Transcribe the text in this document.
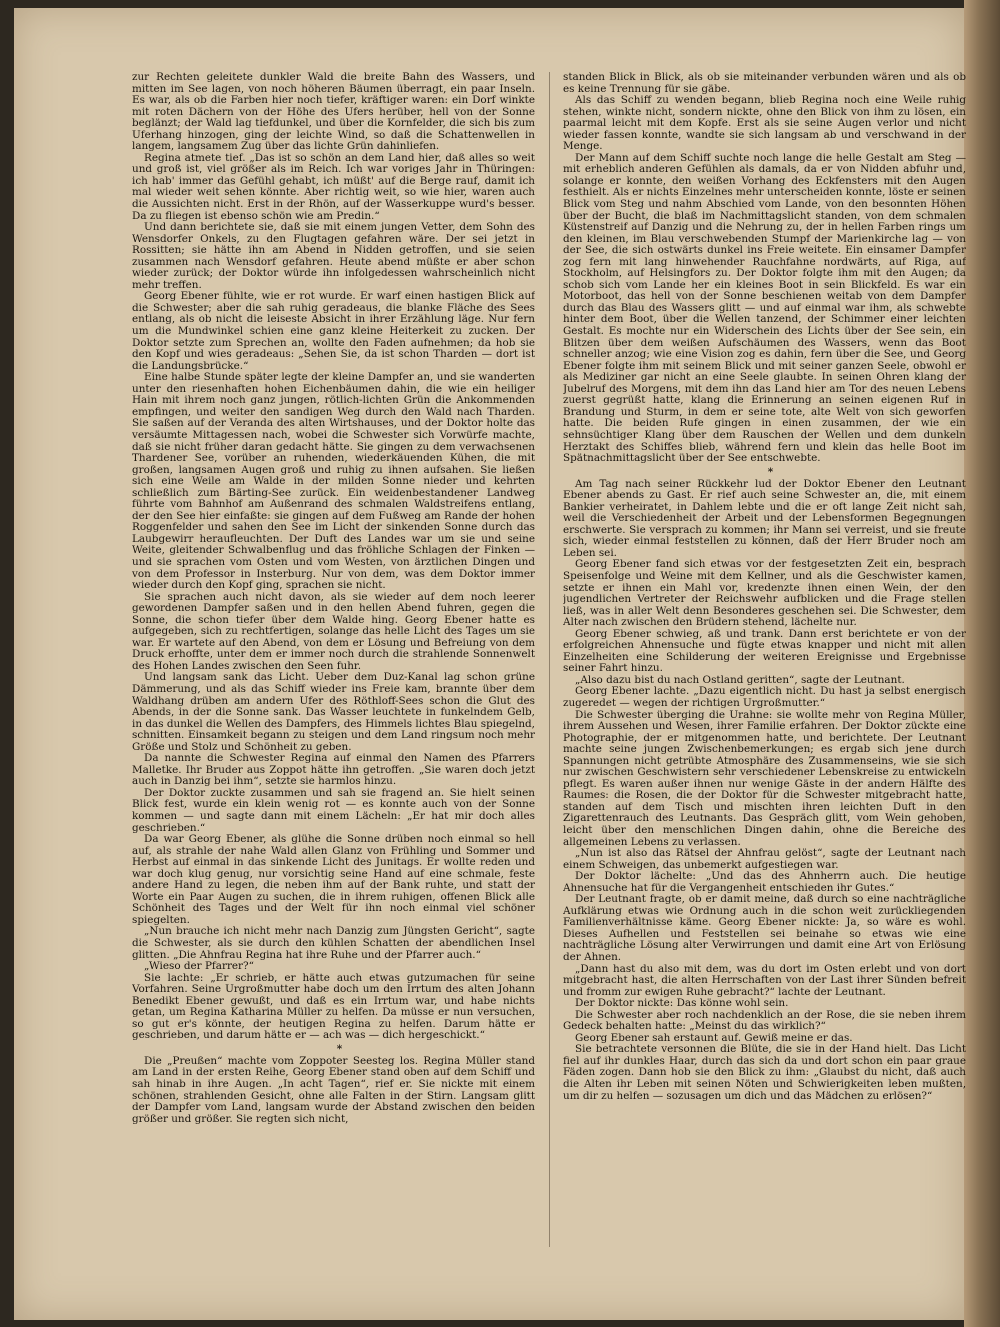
zur Rechten geleitete dunkler Wald die breite Bahn des Wassers, und mitten im See lagen, von noch höheren Bäumen überragt, ein paar Inseln. Es war, als ob die Farben hier noch tiefer, kräftiger waren: ein Dorf winkte mit roten Dächern von der Höhe des Ufers herüber, hell von der Sonne beglänzt; der Wald lag tiefdunkel, und über die Kornfelder, die sich bis zum Uferhang hinzogen, ging der leichte Wind, so daß die Schattenwellen in langem, langsamem Zug über das lichte Grün dahinliefen.

Regina atmete tief. „Das ist so schön an dem Land hier, daß alles so weit und groß ist, viel größer als im Reich. Ich war voriges Jahr in Thüringen: ich hab' immer das Gefühl gehabt, ich müßt' auf die Berge rauf, damit ich mal wieder weit sehen könnte. Aber richtig weit, so wie hier, waren auch die Aussichten nicht. Erst in der Rhön, auf der Wasserkuppe wurd's besser. Da zu fliegen ist ebenso schön wie am Predin.“

Und dann berichtete sie, daß sie mit einem jungen Vetter, dem Sohn des Wensdorfer Onkels, zu den Flugtagen gefahren wäre. Der sei jetzt in Rossitten; sie hätte ihn am Abend in Nidden getroffen, und sie seien zusammen nach Wensdorf gefahren. Heute abend müßte er aber schon wieder zurück; der Doktor würde ihn infolgedessen wahrscheinlich nicht mehr treffen.

Georg Ebener fühlte, wie er rot wurde. Er warf einen hastigen Blick auf die Schwester; aber die sah ruhig geradeaus, die blanke Fläche des Sees entlang, als ob nicht die leiseste Absicht in ihrer Erzählung läge. Nur fern um die Mundwinkel schien eine ganz kleine Heiterkeit zu zucken. Der Doktor setzte zum Sprechen an, wollte den Faden aufnehmen; da hob sie den Kopf und wies geradeaus: „Sehen Sie, da ist schon Tharden — dort ist die Landungsbrücke.“

Eine halbe Stunde später legte der kleine Dampfer an, und sie wanderten unter den riesenhaften hohen Eichenbäumen dahin, die wie ein heiliger Hain mit ihrem noch ganz jungen, rötlich-lichten Grün die Ankommenden empfingen, und weiter den sandigen Weg durch den Wald nach Tharden. Sie saßen auf der Veranda des alten Wirtshauses, und der Doktor holte das versäumte Mittagessen nach, wobei die Schwester sich Vorwürfe machte, daß sie nicht früher daran gedacht hätte. Sie gingen zu dem verwachsenen Thardener See, vorüber an ruhenden, wiederkäuenden Kühen, die mit großen, langsamen Augen groß und ruhig zu ihnen aufsahen. Sie ließen sich eine Weile am Walde in der milden Sonne nieder und kehrten schließlich zum Bärting-See zurück. Ein weidenbestandener Landweg führte vom Bahnhof am Außenrand des schmalen Waldstreifens entlang, der den See hier einfaßte: sie gingen auf dem Fußweg am Rande der hohen Roggenfelder und sahen den See im Licht der sinkenden Sonne durch das Laubgewirr heraufleuchten. Der Duft des Landes war um sie und seine Weite, gleitender Schwalbenflug und das fröhliche Schlagen der Finken — und sie sprachen vom Osten und vom Westen, von ärztlichen Dingen und von dem Professor in Insterburg. Nur von dem, was dem Doktor immer wieder durch den Kopf ging, sprachen sie nicht.

Sie sprachen auch nicht davon, als sie wieder auf dem noch leerer gewordenen Dampfer saßen und in den hellen Abend fuhren, gegen die Sonne, die schon tiefer über dem Walde hing. Georg Ebener hatte es aufgegeben, sich zu rechtfertigen, solange das helle Licht des Tages um sie war. Er wartete auf den Abend, von dem er Lösung und Befreiung von dem Druck erhoffte, unter dem er immer noch durch die strahlende Sonnenwelt des Hohen Landes zwischen den Seen fuhr.

Und langsam sank das Licht. Ueber dem Duz-Kanal lag schon grüne Dämmerung, und als das Schiff wieder ins Freie kam, brannte über dem Waldhang drüben am andern Ufer des Röthloff-Sees schon die Glut des Abends, in der die Sonne sank. Das Wasser leuchtete in funkelndem Gelb, in das dunkel die Wellen des Dampfers, des Himmels lichtes Blau spiegelnd, schnitten. Einsamkeit begann zu steigen und dem Land ringsum noch mehr Größe und Stolz und Schönheit zu geben.

Da nannte die Schwester Regina auf einmal den Namen des Pfarrers Malletke. Ihr Bruder aus Zoppot hätte ihn getroffen. „Sie waren doch jetzt auch in Danzig bei ihm“, setzte sie harmlos hinzu.

Der Doktor zuckte zusammen und sah sie fragend an. Sie hielt seinen Blick fest, wurde ein klein wenig rot — es konnte auch von der Sonne kommen — und sagte dann mit einem Lächeln: „Er hat mir doch alles geschrieben.“

Da war Georg Ebener, als glühe die Sonne drüben noch einmal so hell auf, als strahle der nahe Wald allen Glanz von Frühling und Sommer und Herbst auf einmal in das sinkende Licht des Junitags. Er wollte reden und war doch klug genug, nur vorsichtig seine Hand auf eine schmale, feste andere Hand zu legen, die neben ihm auf der Bank ruhte, und statt der Worte ein Paar Augen zu suchen, die in ihrem ruhigen, offenen Blick alle Schönheit des Tages und der Welt für ihn noch einmal viel schöner spiegelten.

„Nun brauche ich nicht mehr nach Danzig zum Jüngsten Gericht“, sagte die Schwester, als sie durch den kühlen Schatten der abendlichen Insel glitten. „Die Ahnfrau Regina hat ihre Ruhe und der Pfarrer auch.“

„Wieso der Pfarrer?“

Sie lachte: „Er schrieb, er hätte auch etwas gutzumachen für seine Vorfahren. Seine Urgroßmutter habe doch um den Irrtum des alten Johann Benedikt Ebener gewußt, und daß es ein Irrtum war, und habe nichts getan, um Regina Katharina Müller zu helfen. Da müsse er nun versuchen, so gut er's könnte, der heutigen Regina zu helfen. Darum hätte er geschrieben, und darum hätte er — ach was — dich hergeschickt.“

*

Die „Preußen“ machte vom Zoppoter Seesteg los. Regina Müller stand am Land in der ersten Reihe, Georg Ebener stand oben auf dem Schiff und sah hinab in ihre Augen. „In acht Tagen“, rief er. Sie nickte mit einem schönen, strahlenden Gesicht, ohne alle Falten in der Stirn. Langsam glitt der Dampfer vom Land, langsam wurde der Abstand zwischen den beiden größer und größer. Sie regten sich nicht,

standen Blick in Blick, als ob sie miteinander verbunden wären und als ob es keine Trennung für sie gäbe.

Als das Schiff zu wenden begann, blieb Regina noch eine Weile ruhig stehen, winkte nicht, sondern nickte, ohne den Blick von ihm zu lösen, ein paarmal leicht mit dem Kopfe. Erst als sie seine Augen verlor und nicht wieder fassen konnte, wandte sie sich langsam ab und verschwand in der Menge.

Der Mann auf dem Schiff suchte noch lange die helle Gestalt am Steg — mit erheblich anderen Gefühlen als damals, da er von Nidden abfuhr und, solange er konnte, den weißen Vorhang des Eckfensters mit den Augen festhielt. Als er nichts Einzelnes mehr unterscheiden konnte, löste er seinen Blick vom Steg und nahm Abschied vom Lande, von den besonnten Höhen über der Bucht, die blaß im Nachmittagslicht standen, von dem schmalen Küstenstreif auf Danzig und die Nehrung zu, der in hellen Farben rings um den kleinen, im Blau verschwebenden Stumpf der Marienkirche lag — von der See, die sich ostwärts dunkel ins Freie weitete. Ein einsamer Dampfer zog fern mit lang hinwehender Rauchfahne nordwärts, auf Riga, auf Stockholm, auf Helsingfors zu. Der Doktor folgte ihm mit den Augen; da schob sich vom Lande her ein kleines Boot in sein Blickfeld. Es war ein Motorboot, das hell von der Sonne beschienen weitab von dem Dampfer durch das Blau des Wassers glitt — und auf einmal war ihm, als schwebte hinter dem Boot, über die Wellen tanzend, der Schimmer einer leichten Gestalt. Es mochte nur ein Widerschein des Lichts über der See sein, ein Blitzen über dem weißen Aufschäumen des Wassers, wenn das Boot schneller anzog; wie eine Vision zog es dahin, fern über die See, und Georg Ebener folgte ihm mit seinem Blick und mit seiner ganzen Seele, obwohl er als Mediziner gar nicht an eine Seele glaubte. In seinen Ohren klang der Jubelruf des Morgens, mit dem ihn das Land hier am Tor des neuen Lebens zuerst gegrüßt hatte, klang die Erinnerung an seinen eigenen Ruf in Brandung und Sturm, in dem er seine tote, alte Welt von sich geworfen hatte. Die beiden Rufe gingen in einen zusammen, der wie ein sehnsüchtiger Klang über dem Rauschen der Wellen und dem dunkeln Herztakt des Schiffes blieb, während fern und klein das helle Boot im Spätnachmittagslicht über der See entschwebte.

*

Am Tag nach seiner Rückkehr lud der Doktor Ebener den Leutnant Ebener abends zu Gast. Er rief auch seine Schwester an, die, mit einem Bankier verheiratet, in Dahlem lebte und die er oft lange Zeit nicht sah, weil die Verschiedenheit der Arbeit und der Lebensformen Begegnungen erschwerte. Sie versprach zu kommen; ihr Mann sei verreist, und sie freute sich, wieder einmal feststellen zu können, daß der Herr Bruder noch am Leben sei.

Georg Ebener fand sich etwas vor der festgesetzten Zeit ein, besprach Speisenfolge und Weine mit dem Kellner, und als die Geschwister kamen, setzte er ihnen ein Mahl vor, kredenzte ihnen einen Wein, der den jugendlichen Vertreter der Reichswehr aufblicken und die Frage stellen ließ, was in aller Welt denn Besonderes geschehen sei. Die Schwester, dem Alter nach zwischen den Brüdern stehend, lächelte nur.

Georg Ebener schwieg, aß und trank. Dann erst berichtete er von der erfolgreichen Ahnensuche und fügte etwas knapper und nicht mit allen Einzelheiten eine Schilderung der weiteren Ereignisse und Ergebnisse seiner Fahrt hinzu.

„Also dazu bist du nach Ostland geritten“, sagte der Leutnant.

Georg Ebener lachte. „Dazu eigentlich nicht. Du hast ja selbst energisch zugeredet — wegen der richtigen Urgroßmutter.“

Die Schwester überging die Urahne: sie wollte mehr von Regina Müller, ihrem Aussehen und Wesen, ihrer Familie erfahren. Der Doktor zückte eine Photographie, der er mitgenommen hatte, und berichtete. Der Leutnant machte seine jungen Zwischenbemerkungen; es ergab sich jene durch Spannungen nicht getrübte Atmosphäre des Zusammenseins, wie sie sich nur zwischen Geschwistern sehr verschiedener Lebenskreise zu entwickeln pflegt. Es waren außer ihnen nur wenige Gäste in der andern Hälfte des Raumes: die Rosen, die der Doktor für die Schwester mitgebracht hatte, standen auf dem Tisch und mischten ihren leichten Duft in den Zigarettenrauch des Leutnants. Das Gespräch glitt, vom Wein gehoben, leicht über den menschlichen Dingen dahin, ohne die Bereiche des allgemeinen Lebens zu verlassen.

„Nun ist also das Rätsel der Ahnfrau gelöst“, sagte der Leutnant nach einem Schweigen, das unbemerkt aufgestiegen war.

Der Doktor lächelte: „Und das des Ahnherrn auch. Die heutige Ahnensuche hat für die Vergangenheit entschieden ihr Gutes.“

Der Leutnant fragte, ob er damit meine, daß durch so eine nachträgliche Aufklärung etwas wie Ordnung auch in die schon weit zurückliegenden Familienverhältnisse käme. Georg Ebener nickte: Ja, so wäre es wohl. Dieses Aufhellen und Feststellen sei beinahe so etwas wie eine nachträgliche Lösung alter Verwirrungen und damit eine Art von Erlösung der Ahnen.

„Dann hast du also mit dem, was du dort im Osten erlebt und von dort mitgebracht hast, die alten Herrschaften von der Last ihrer Sünden befreit und fromm zur ewigen Ruhe gebracht?“ lachte der Leutnant.

Der Doktor nickte: Das könne wohl sein.

Die Schwester aber roch nachdenklich an der Rose, die sie neben ihrem Gedeck behalten hatte: „Meinst du das wirklich?“

Georg Ebener sah erstaunt auf. Gewiß meine er das.

Sie betrachtete versonnen die Blüte, die sie in der Hand hielt. Das Licht fiel auf ihr dunkles Haar, durch das sich da und dort schon ein paar graue Fäden zogen. Dann hob sie den Blick zu ihm: „Glaubst du nicht, daß auch die Alten ihr Leben mit seinen Nöten und Schwierigkeiten leben mußten, um dir zu helfen — sozusagen um dich und das Mädchen zu erlösen?“
